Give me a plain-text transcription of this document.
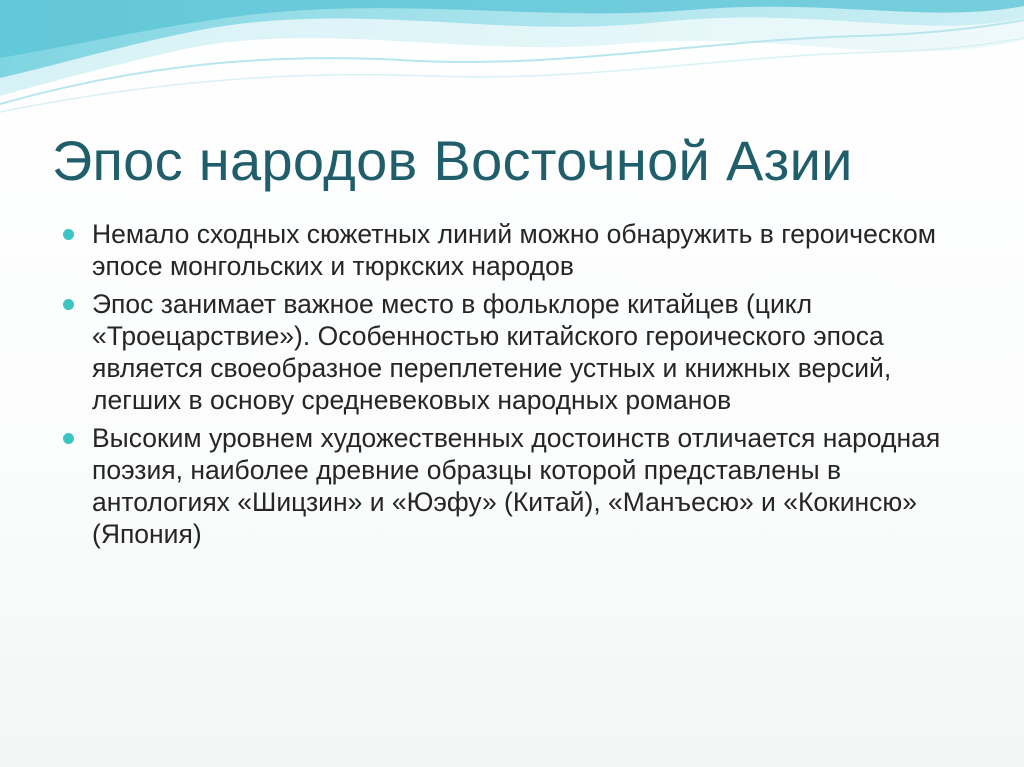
Эпос народов Восточной Азии
Немало сходных сюжетных линий можно обнаружить в героическом эпосе монгольских и тюркских народов
Эпос занимает важное место в фольклоре китайцев (цикл «Троецарствие»). Особенностью китайского героического эпоса является своеобразное переплетение устных и книжных версий, легших в основу средневековых народных романов
Высоким уровнем художественных достоинств отличается народная поэзия, наиболее древние образцы которой представлены в антологиях «Шицзин» и «Юэфу» (Китай), «Манъесю» и «Кокинсю» (Япония)
